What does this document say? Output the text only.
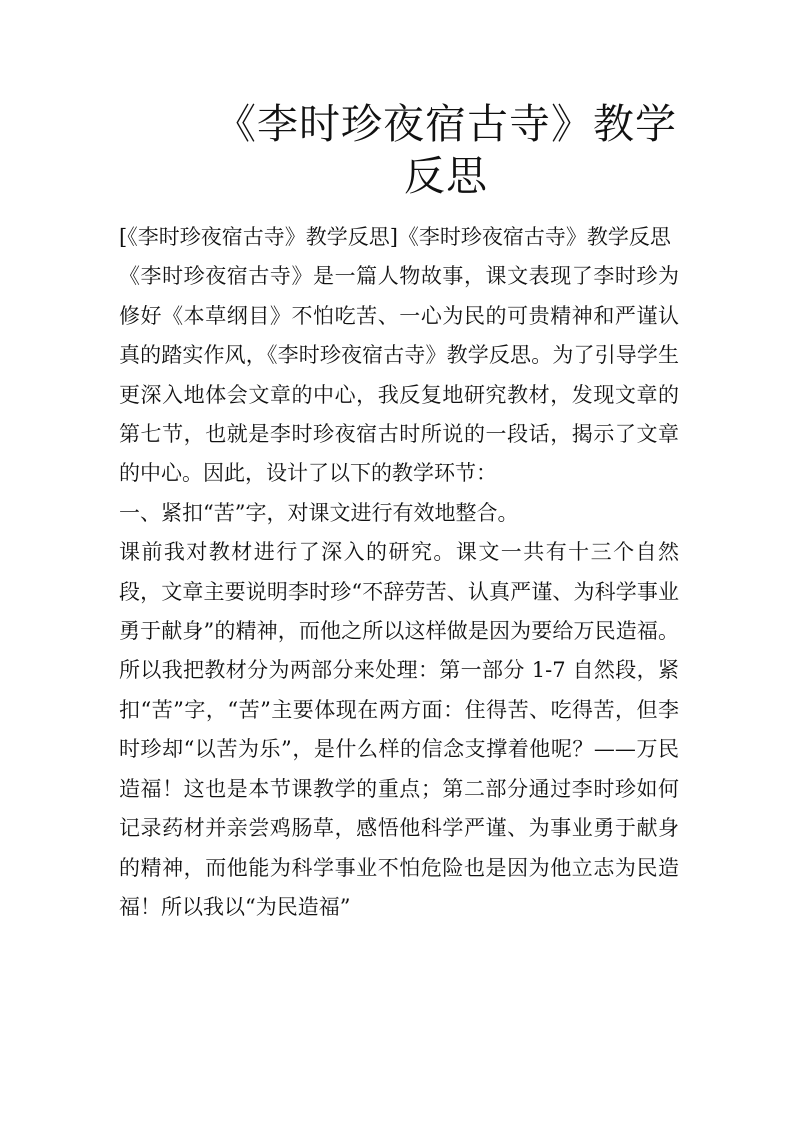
《李时珍夜宿古寺》教学反思

[《李时珍夜宿古寺》教学反思]《李时珍夜宿古寺》教学反思

《李时珍夜宿古寺》是一篇人物故事，课文表现了李时珍为修好《本草纲目》不怕吃苦、一心为民的可贵精神和严谨认真的踏实作风，《李时珍夜宿古寺》教学反思。为了引导学生更深入地体会文章的中心，我反复地研究教材，发现文章的第七节，也就是李时珍夜宿古时所说的一段话，揭示了文章的中心。因此，设计了以下的教学环节：

一、紧扣“苦”字，对课文进行有效地整合。

课前我对教材进行了深入的研究。课文一共有十三个自然段，文章主要说明李时珍“不辞劳苦、认真严谨、为科学事业勇于献身”的精神，而他之所以这样做是因为要给万民造福。所以我把教材分为两部分来处理：第一部分 1-7 自然段，紧扣“苦”字，“苦”主要体现在两方面：住得苦、吃得苦，但李时珍却“以苦为乐”，是什么样的信念支撑着他呢？——万民造福！这也是本节课教学的重点；第二部分通过李时珍如何记录药材并亲尝鸡肠草，感悟他科学严谨、为事业勇于献身的精神，而他能为科学事业不怕危险也是因为他立志为民造福！所以我以“为民造福”
